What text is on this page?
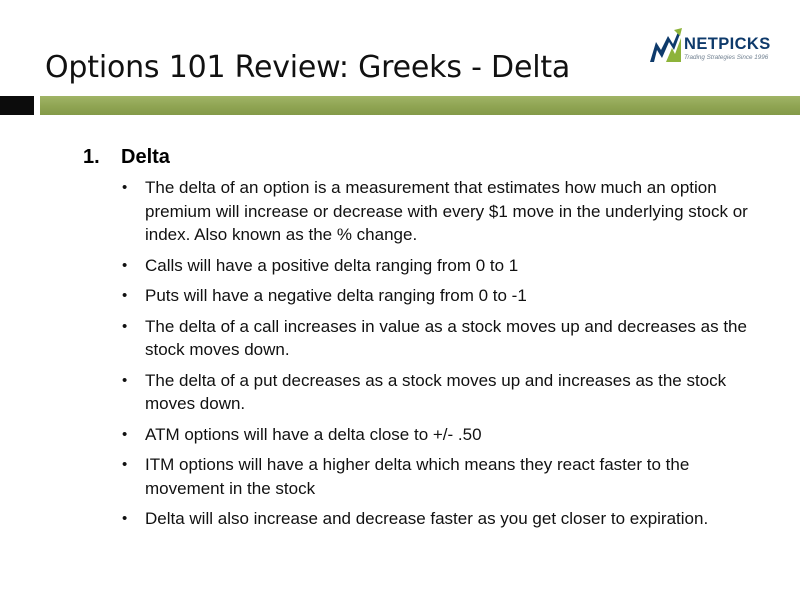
Options 101 Review: Greeks - Delta
NETPICKS
Trading Strategies Since 1996
1. Delta
• The delta of an option is a measurement that estimates how much an option premium will increase or decrease with every $1 move in the underlying stock or index. Also known as the % change.
• Calls will have a positive delta ranging from 0 to 1
• Puts will have a negative delta ranging from 0 to -1
• The delta of a call increases in value as a stock moves up and decreases as the stock moves down.
• The delta of a put decreases as a stock moves up and increases as the stock moves down.
• ATM options will have a delta close to +/- .50
• ITM options will have a higher delta which means they react faster to the movement in the stock
• Delta will also increase and decrease faster as you get closer to expiration.
